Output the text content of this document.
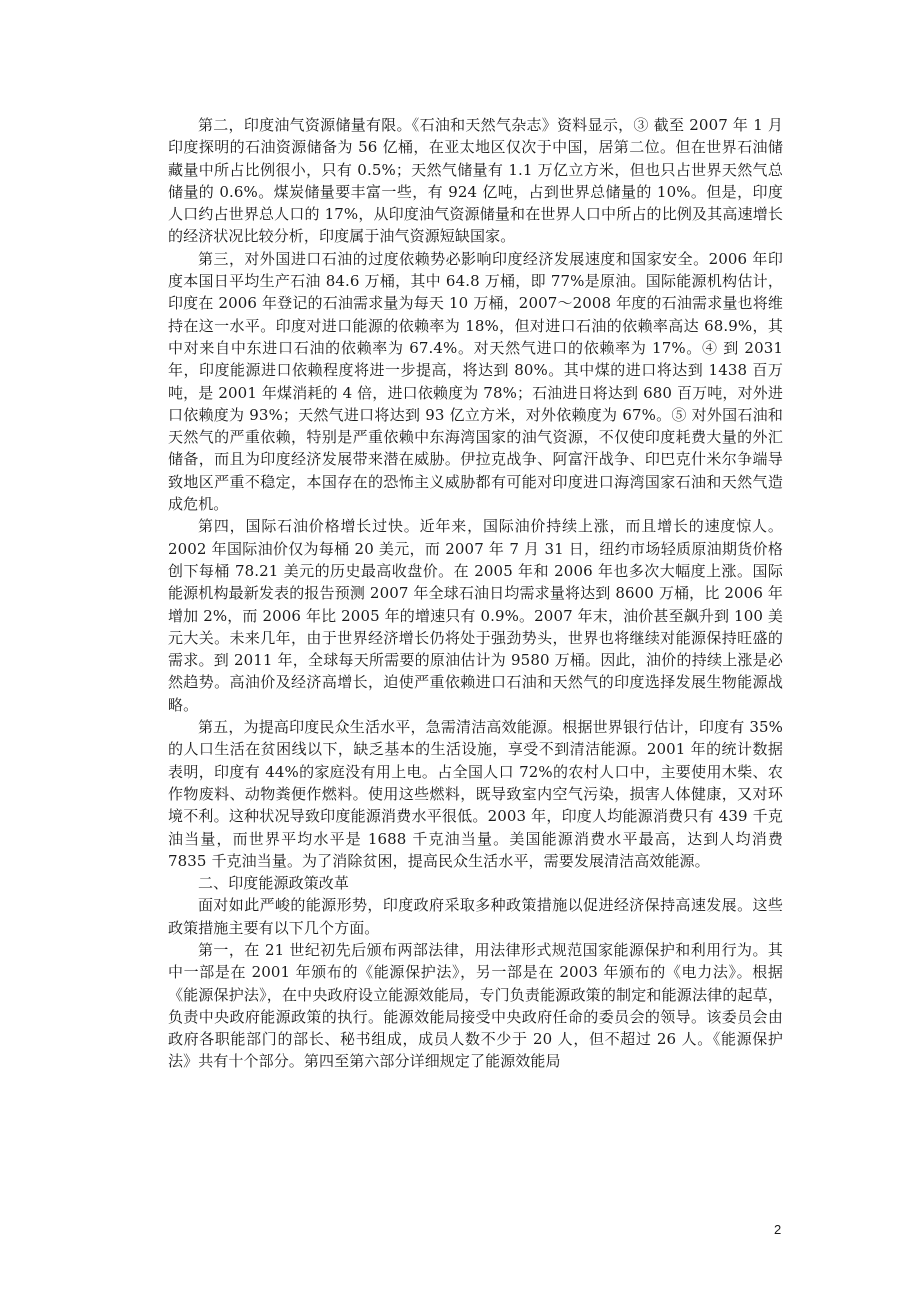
第二，印度油气资源储量有限。《石油和天然气杂志》资料显示，③ 截至 2007 年 1 月印度探明的石油资源储备为 56 亿桶，在亚太地区仅次于中国，居第二位。但在世界石油储藏量中所占比例很小，只有 0.5%；天然气储量有 1.1 万亿立方米，但也只占世界天然气总储量的 0.6%。煤炭储量要丰富一些，有 924 亿吨，占到世界总储量的 10%。但是，印度人口约占世界总人口的 17%，从印度油气资源储量和在世界人口中所占的比例及其高速增长的经济状况比较分析，印度属于油气资源短缺国家。

第三，对外国进口石油的过度依赖势必影响印度经济发展速度和国家安全。2006 年印度本国日平均生产石油 84.6 万桶，其中 64.8 万桶，即 77%是原油。国际能源机构估计，印度在 2006 年登记的石油需求量为每天 10 万桶，2007～2008 年度的石油需求量也将维持在这一水平。印度对进口能源的依赖率为 18%，但对进口石油的依赖率高达 68.9%，其中对来自中东进口石油的依赖率为 67.4%。对天然气进口的依赖率为 17%。④ 到 2031 年，印度能源进口依赖程度将进一步提高，将达到 80%。其中煤的进口将达到 1438 百万吨，是 2001 年煤消耗的 4 倍，进口依赖度为 78%；石油进日将达到 680 百万吨，对外进口依赖度为 93%；天然气进口将达到 93 亿立方米，对外依赖度为 67%。⑤ 对外国石油和天然气的严重依赖，特别是严重依赖中东海湾国家的油气资源，不仅使印度耗费大量的外汇储备，而且为印度经济发展带来潜在威胁。伊拉克战争、阿富汗战争、印巴克什米尔争端导致地区严重不稳定，本国存在的恐怖主义威胁都有可能对印度进口海湾国家石油和天然气造成危机。

第四，国际石油价格增长过快。近年来，国际油价持续上涨，而且增长的速度惊人。2002 年国际油价仅为每桶 20 美元，而 2007 年 7 月 31 日，纽约市场轻质原油期货价格创下每桶 78.21 美元的历史最高收盘价。在 2005 年和 2006 年也多次大幅度上涨。国际能源机构最新发表的报告预测 2007 年全球石油日均需求量将达到 8600 万桶，比 2006 年增加 2%，而 2006 年比 2005 年的增速只有 0.9%。2007 年末，油价甚至飙升到 100 美元大关。未来几年，由于世界经济增长仍将处于强劲势头，世界也将继续对能源保持旺盛的需求。到 2011 年，全球每天所需要的原油估计为 9580 万桶。因此，油价的持续上涨是必然趋势。高油价及经济高增长，迫使严重依赖进口石油和天然气的印度选择发展生物能源战略。

第五，为提高印度民众生活水平，急需清洁高效能源。根据世界银行估计，印度有 35%的人口生活在贫困线以下，缺乏基本的生活设施，享受不到清洁能源。2001 年的统计数据表明，印度有 44%的家庭没有用上电。占全国人口 72%的农村人口中，主要使用木柴、农作物废料、动物粪便作燃料。使用这些燃料，既导致室内空气污染，损害人体健康，又对环境不利。这种状况导致印度能源消费水平很低。2003 年，印度人均能源消费只有 439 千克油当量，而世界平均水平是 1688 千克油当量。美国能源消费水平最高，达到人均消费 7835 千克油当量。为了消除贫困，提高民众生活水平，需要发展清洁高效能源。

二、印度能源政策改革

面对如此严峻的能源形势，印度政府采取多种政策措施以促进经济保持高速发展。这些政策措施主要有以下几个方面。

第一，在 21 世纪初先后颁布两部法律，用法律形式规范国家能源保护和利用行为。其中一部是在 2001 年颁布的《能源保护法》，另一部是在 2003 年颁布的《电力法》。根据《能源保护法》，在中央政府设立能源效能局，专门负责能源政策的制定和能源法律的起草，负责中央政府能源政策的执行。能源效能局接受中央政府任命的委员会的领导。该委员会由政府各职能部门的部长、秘书组成，成员人数不少于 20 人，但不超过 26 人。《能源保护法》共有十个部分。第四至第六部分详细规定了能源效能局

2
